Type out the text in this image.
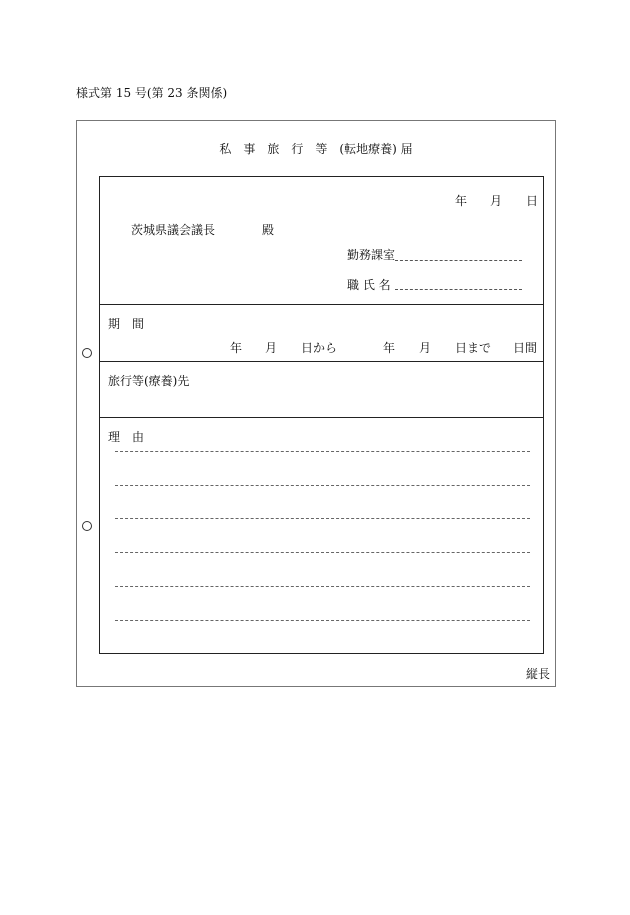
様式第 15 号(第 23 条関係)
私　事　旅　行　等　(転地療養) 届
年 月 日
茨城県議会議長	殿
勤務課室
職 氏 名
期　間
年 月 日から	年 月 日まで 日間
旅行等(療養)先
理　由
縦長
